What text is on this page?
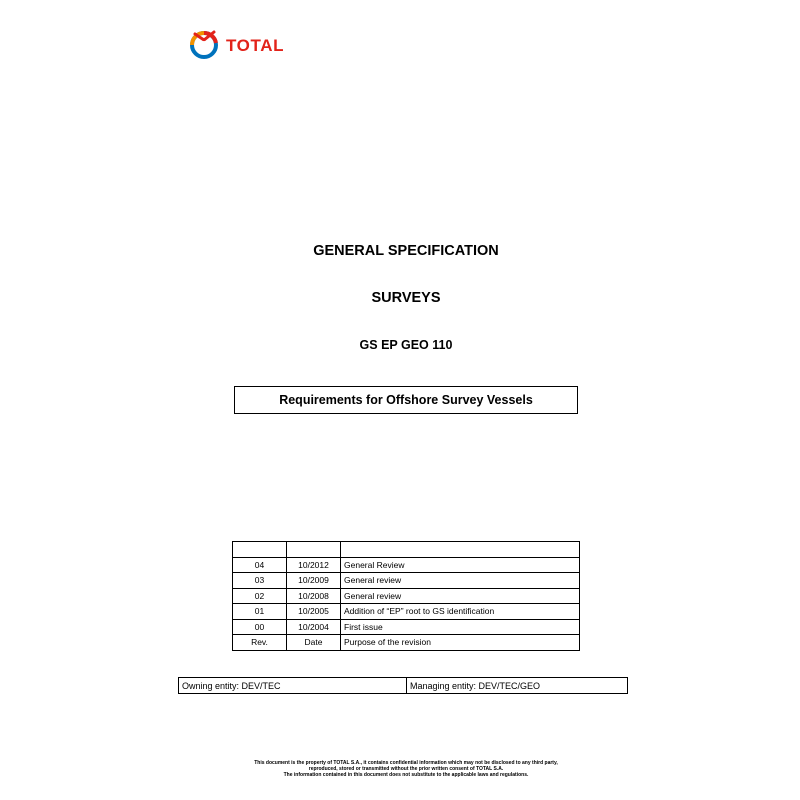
TOTAL
GENERAL SPECIFICATION
SURVEYS
GS EP GEO 110
Requirements for Offshore Survey Vessels

04	10/2012	General Review
03	10/2009	General review
02	10/2008	General review
01	10/2005	Addition of “EP” root to GS identification
00	10/2004	First issue
Rev.	Date	Purpose of the revision
Owning entity: DEV/TEC	Managing entity: DEV/TEC/GEO
This document is the property of TOTAL S.A., it contains confidential information which may not be disclosed to any third party,
reproduced, stored or transmitted without the prior written consent of TOTAL S.A.
The information contained in this document does not substitute to the applicable laws and regulations.
